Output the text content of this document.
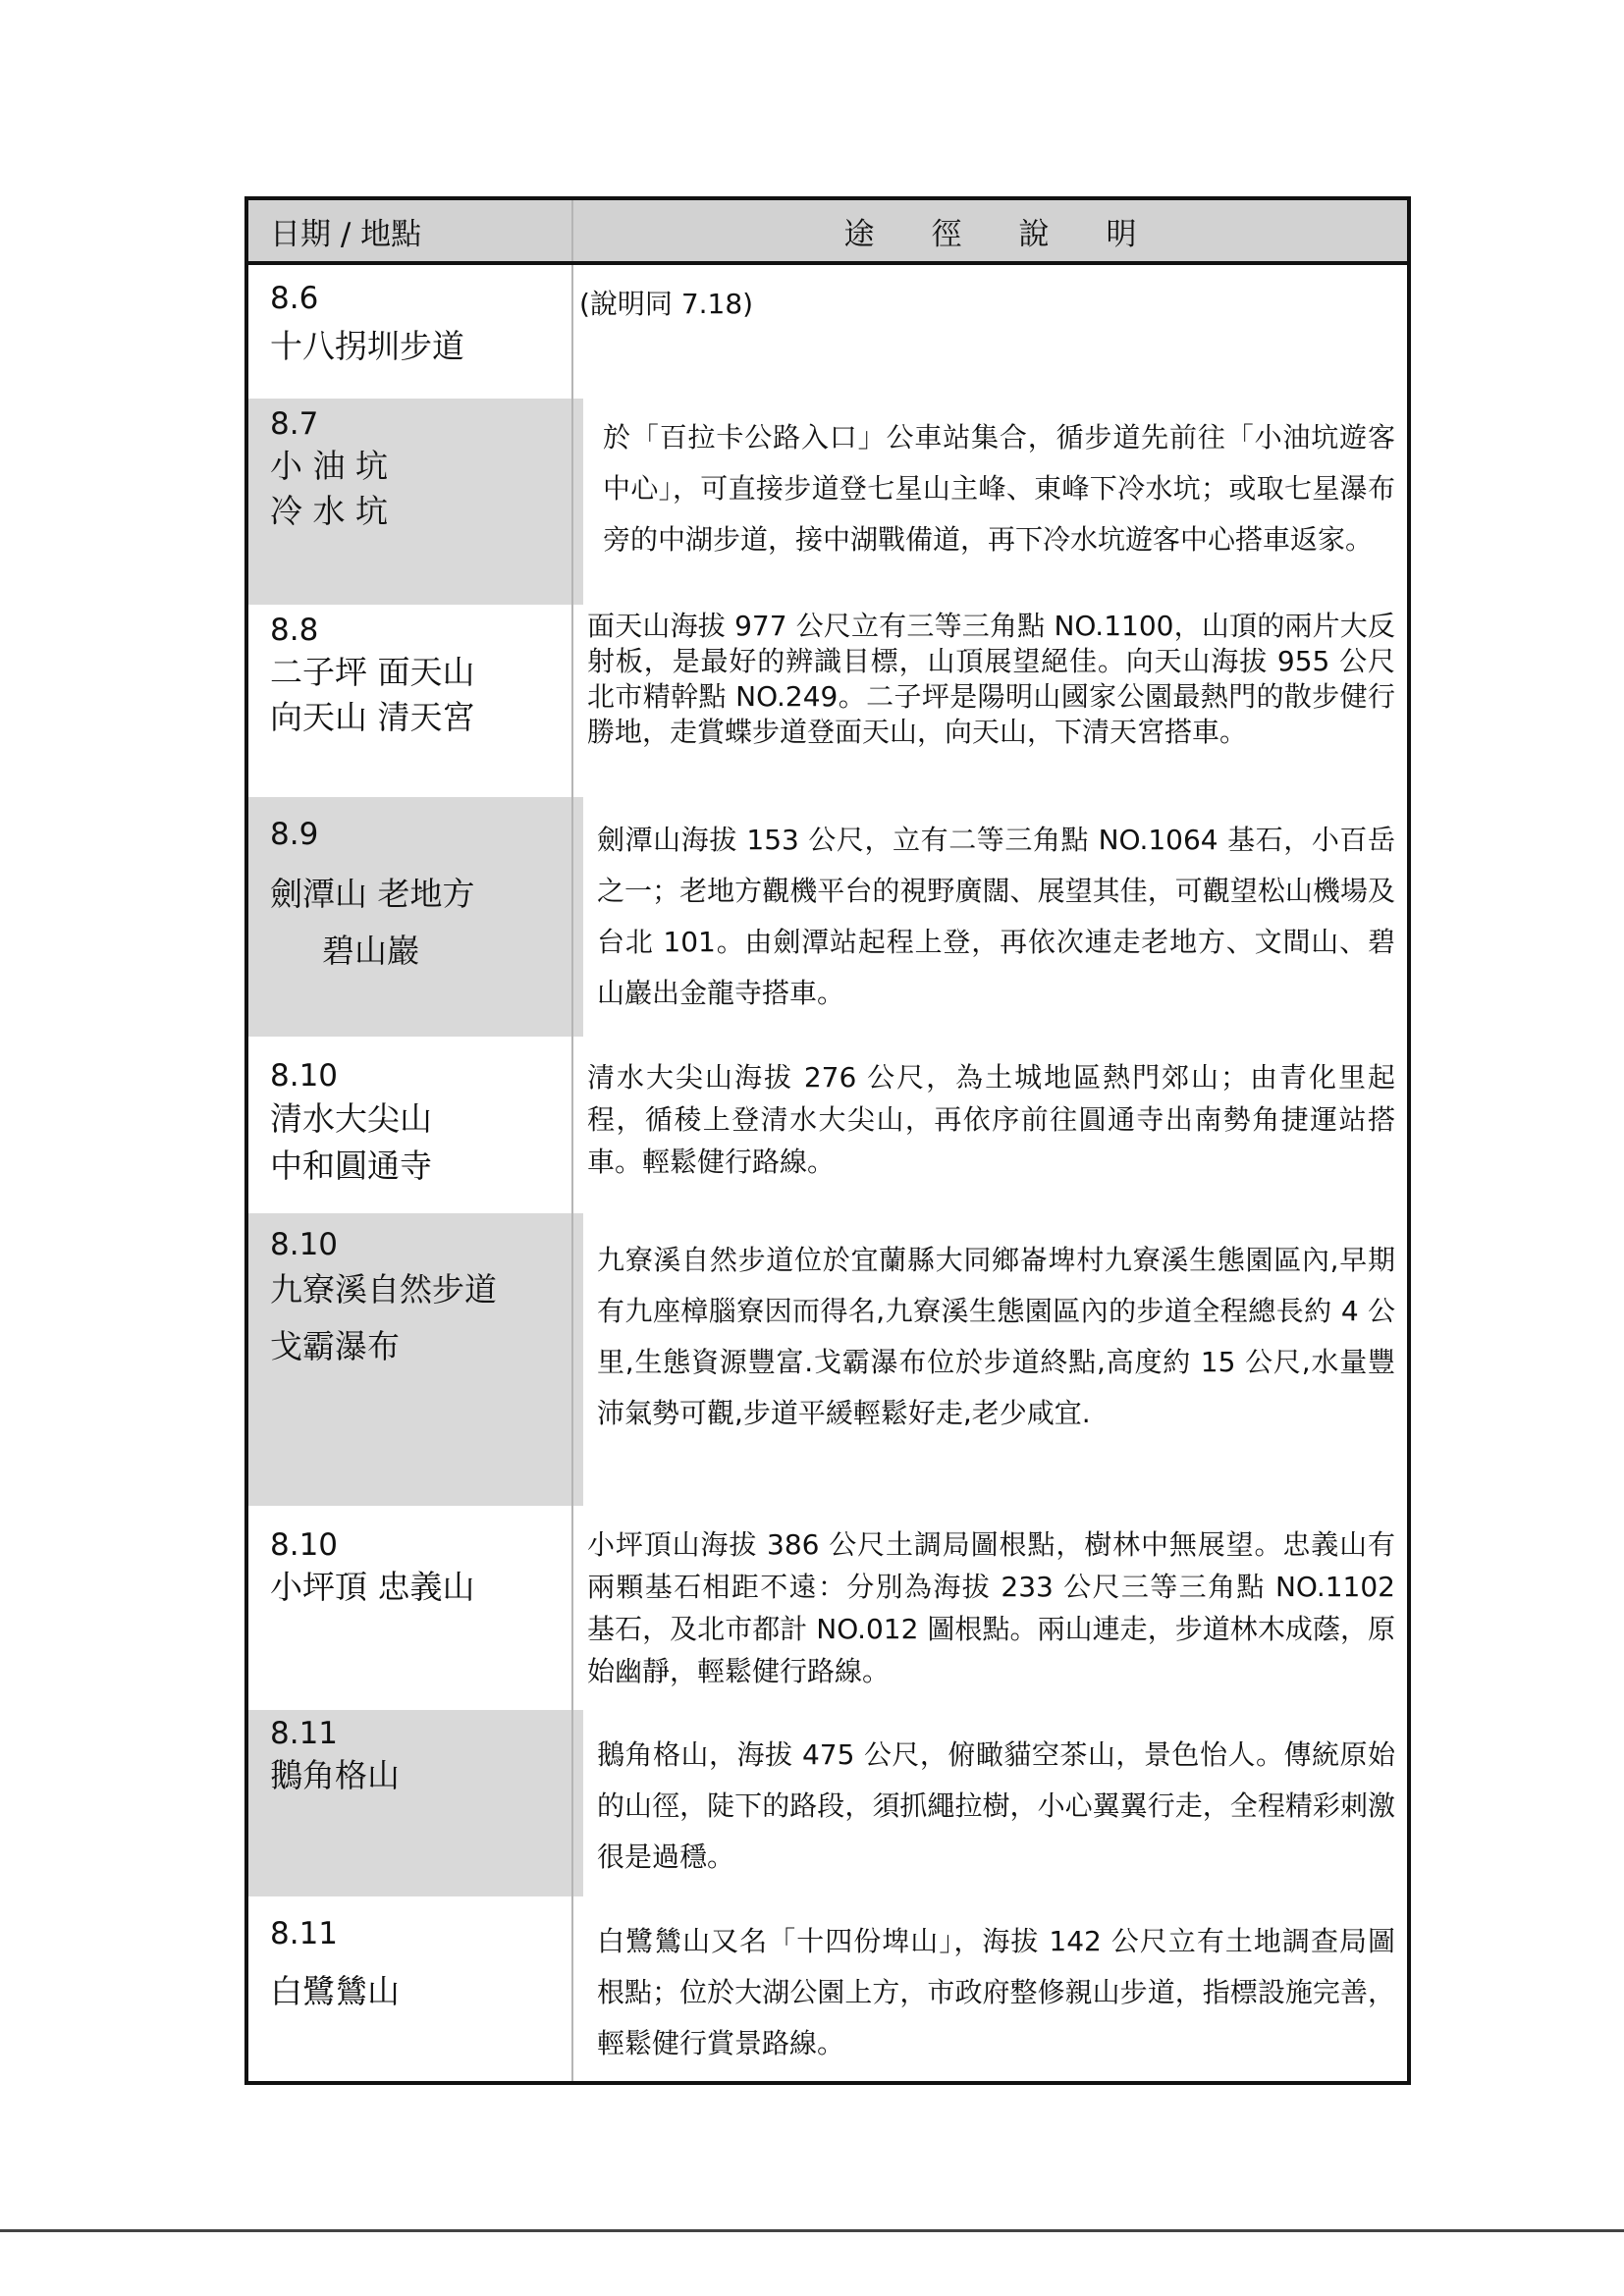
日期 / 地點	途徑說明

8.6
十八拐圳步道	(說明同 7.18)

8.7
小 油 坑
冷 水 坑	於「百拉卡公路入口」公車站集合，循步道先前往「小油坑遊客中心」，可直接步道登七星山主峰、東峰下冷水坑；或取七星瀑布旁的中湖步道，接中湖戰備道，再下冷水坑遊客中心搭車返家。

8.8
二子坪 面天山
向天山 清天宮	面天山海拔 977 公尺立有三等三角點 NO.1100，山頂的兩片大反射板，是最好的辨識目標，山頂展望絕佳。向天山海拔 955 公尺北市精幹點 NO.249。二子坪是陽明山國家公園最熱門的散步健行勝地，走賞蝶步道登面天山，向天山，下清天宮搭車。

8.9
劍潭山 老地方
碧山巖	劍潭山海拔 153 公尺，立有二等三角點 NO.1064 基石，小百岳之一；老地方觀機平台的視野廣闊、展望其佳，可觀望松山機場及台北 101。由劍潭站起程上登，再依次連走老地方、文間山、碧山巖出金龍寺搭車。

8.10
清水大尖山
中和圓通寺	清水大尖山海拔 276 公尺，為土城地區熱門郊山；由青化里起程，循稜上登清水大尖山，再依序前往圓通寺出南勢角捷運站搭車。輕鬆健行路線。

8.10
九寮溪自然步道
戈霸瀑布	九寮溪自然步道位於宜蘭縣大同鄉崙埤村九寮溪生態園區內,早期有九座樟腦寮因而得名,九寮溪生態園區內的步道全程總長約 4 公里,生態資源豐富.戈霸瀑布位於步道終點,高度約 15 公尺,水量豐沛氣勢可觀,步道平緩輕鬆好走,老少咸宜.

8.10
小坪頂 忠義山	小坪頂山海拔 386 公尺土調局圖根點，樹林中無展望。忠義山有兩顆基石相距不遠：分別為海拔 233 公尺三等三角點 NO.1102 基石，及北市都計 NO.012 圖根點。兩山連走，步道林木成蔭，原始幽靜，輕鬆健行路線。

8.11
鵝角格山	鵝角格山，海拔 475 公尺，俯瞰貓空茶山，景色怡人。傳統原始的山徑，陡下的路段，須抓繩拉樹，小心翼翼行走，全程精彩刺激很是過穩。

8.11
白鷺鷥山	白鷺鷥山又名「十四份埤山」，海拔 142 公尺立有土地調查局圖根點；位於大湖公園上方，市政府整修親山步道，指標設施完善，輕鬆健行賞景路線。
